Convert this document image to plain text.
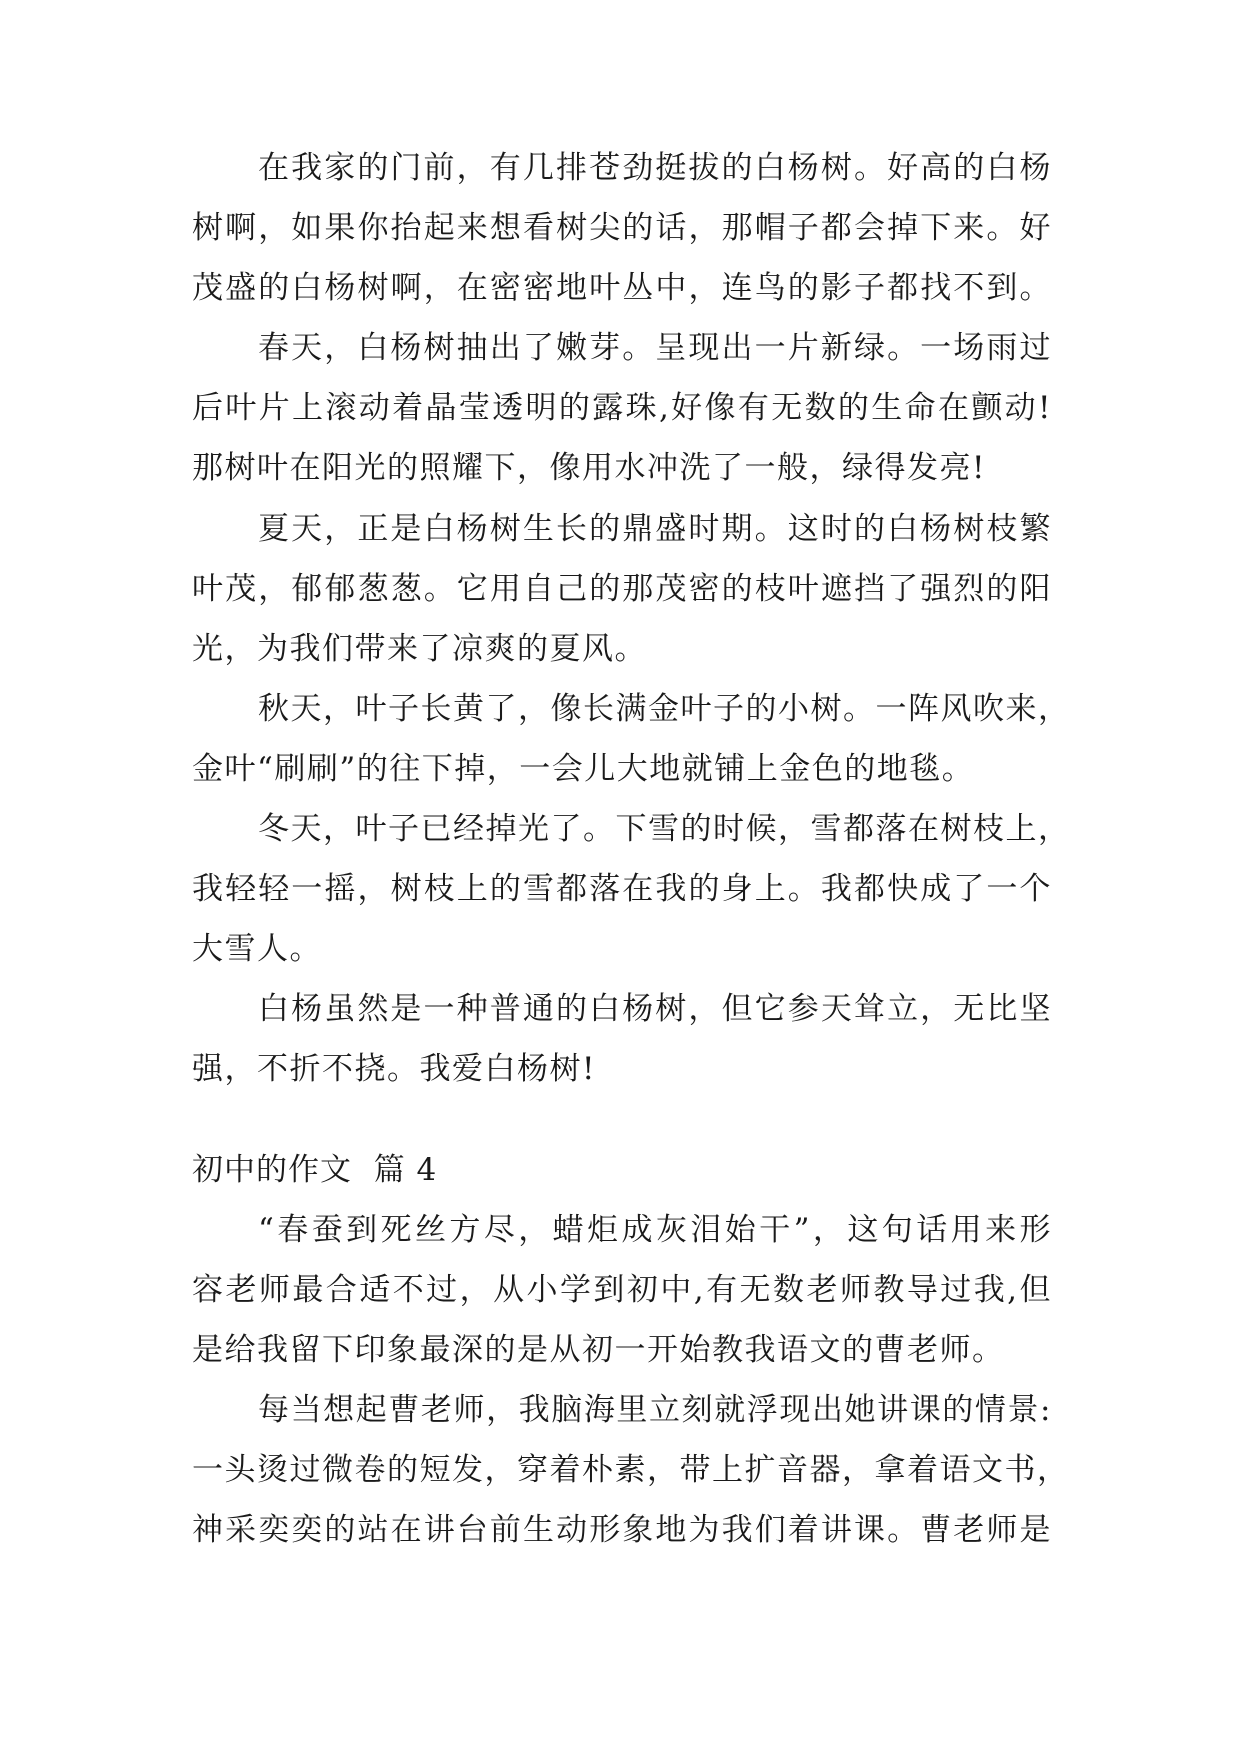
在我家的门前，有几排苍劲挺拔的白杨树。好高的白杨
树啊，如果你抬起来想看树尖的话，那帽子都会掉下来。好
茂盛的白杨树啊，在密密地叶丛中，连鸟的影子都找不到。
春天，白杨树抽出了嫩芽。呈现出一片新绿。一场雨过
后叶片上滚动着晶莹透明的露珠,好像有无数的生命在颤动!
那树叶在阳光的照耀下，像用水冲洗了一般，绿得发亮!
夏天，正是白杨树生长的鼎盛时期。这时的白杨树枝繁
叶茂，郁郁葱葱。它用自己的那茂密的枝叶遮挡了强烈的阳
光，为我们带来了凉爽的夏风。
秋天，叶子长黄了，像长满金叶子的小树。一阵风吹来，
金叶“刷刷”的往下掉，一会儿大地就铺上金色的地毯。
冬天，叶子已经掉光了。下雪的时候，雪都落在树枝上，
我轻轻一摇，树枝上的雪都落在我的身上。我都快成了一个
大雪人。
白杨虽然是一种普通的白杨树，但它参天耸立，无比坚
强，不折不挠。我爱白杨树!
初中的作文  篇 4
“春蚕到死丝方尽，蜡炬成灰泪始干”，这句话用来形
容老师最合适不过，从小学到初中,有无数老师教导过我,但
是给我留下印象最深的是从初一开始教我语文的曹老师。
每当想起曹老师，我脑海里立刻就浮现出她讲课的情景:
一头烫过微卷的短发，穿着朴素，带上扩音器，拿着语文书，
神采奕奕的站在讲台前生动形象地为我们着讲课。曹老师是
